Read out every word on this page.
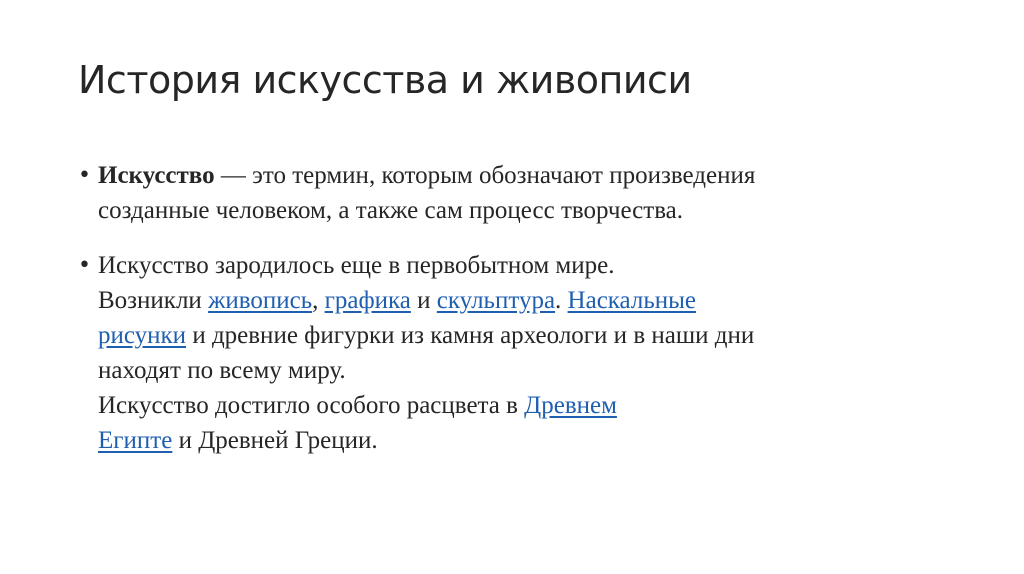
История искусства и живописи
• Искусство — это термин, которым обозначают произведения
созданные человеком, а также сам процесс творчества.
• Искусство зародилось еще в первобытном мире.
Возникли живопись, графика и скульптура. Наскальные
рисунки и древние фигурки из камня археологи и в наши дни
находят по всему миру.
Искусство достигло особого расцвета в Древнем
Египте и Древней Греции.
